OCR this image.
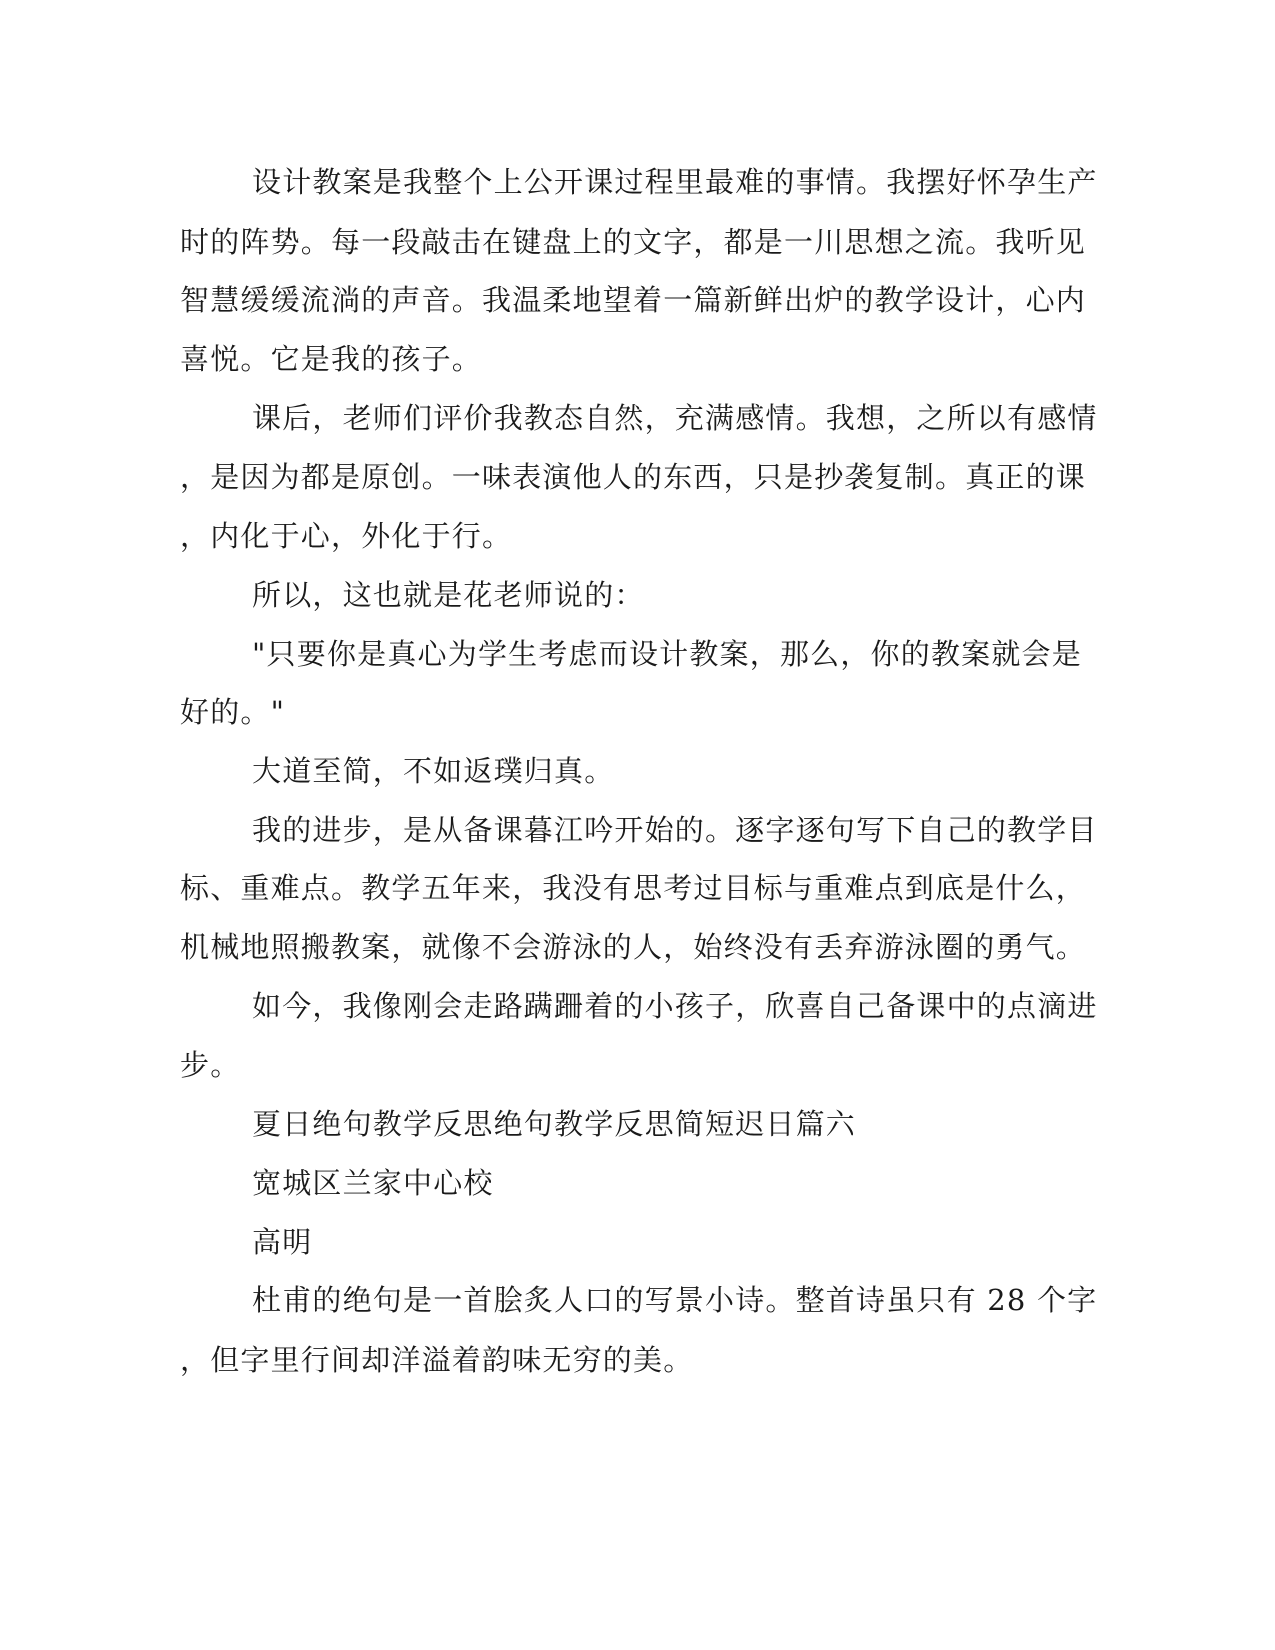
设计教案是我整个上公开课过程里最难的事情。我摆好怀孕生产

时的阵势。每一段敲击在键盘上的文字，都是一川思想之流。我听见

智慧缓缓流淌的声音。我温柔地望着一篇新鲜出炉的教学设计，心内

喜悦。它是我的孩子。

课后，老师们评价我教态自然，充满感情。我想，之所以有感情

，是因为都是原创。一味表演他人的东西，只是抄袭复制。真正的课

，内化于心，外化于行。

所以，这也就是花老师说的：

"只要你是真心为学生考虑而设计教案，那么，你的教案就会是

好的。"

大道至简，不如返璞归真。

我的进步，是从备课暮江吟开始的。逐字逐句写下自己的教学目

标、重难点。教学五年来，我没有思考过目标与重难点到底是什么，

机械地照搬教案，就像不会游泳的人，始终没有丢弃游泳圈的勇气。

如今，我像刚会走路蹒跚着的小孩子，欣喜自己备课中的点滴进

步。

夏日绝句教学反思绝句教学反思简短迟日篇六

宽城区兰家中心校

高明

杜甫的绝句是一首脍炙人口的写景小诗。整首诗虽只有 28 个字

，但字里行间却洋溢着韵味无穷的美。
